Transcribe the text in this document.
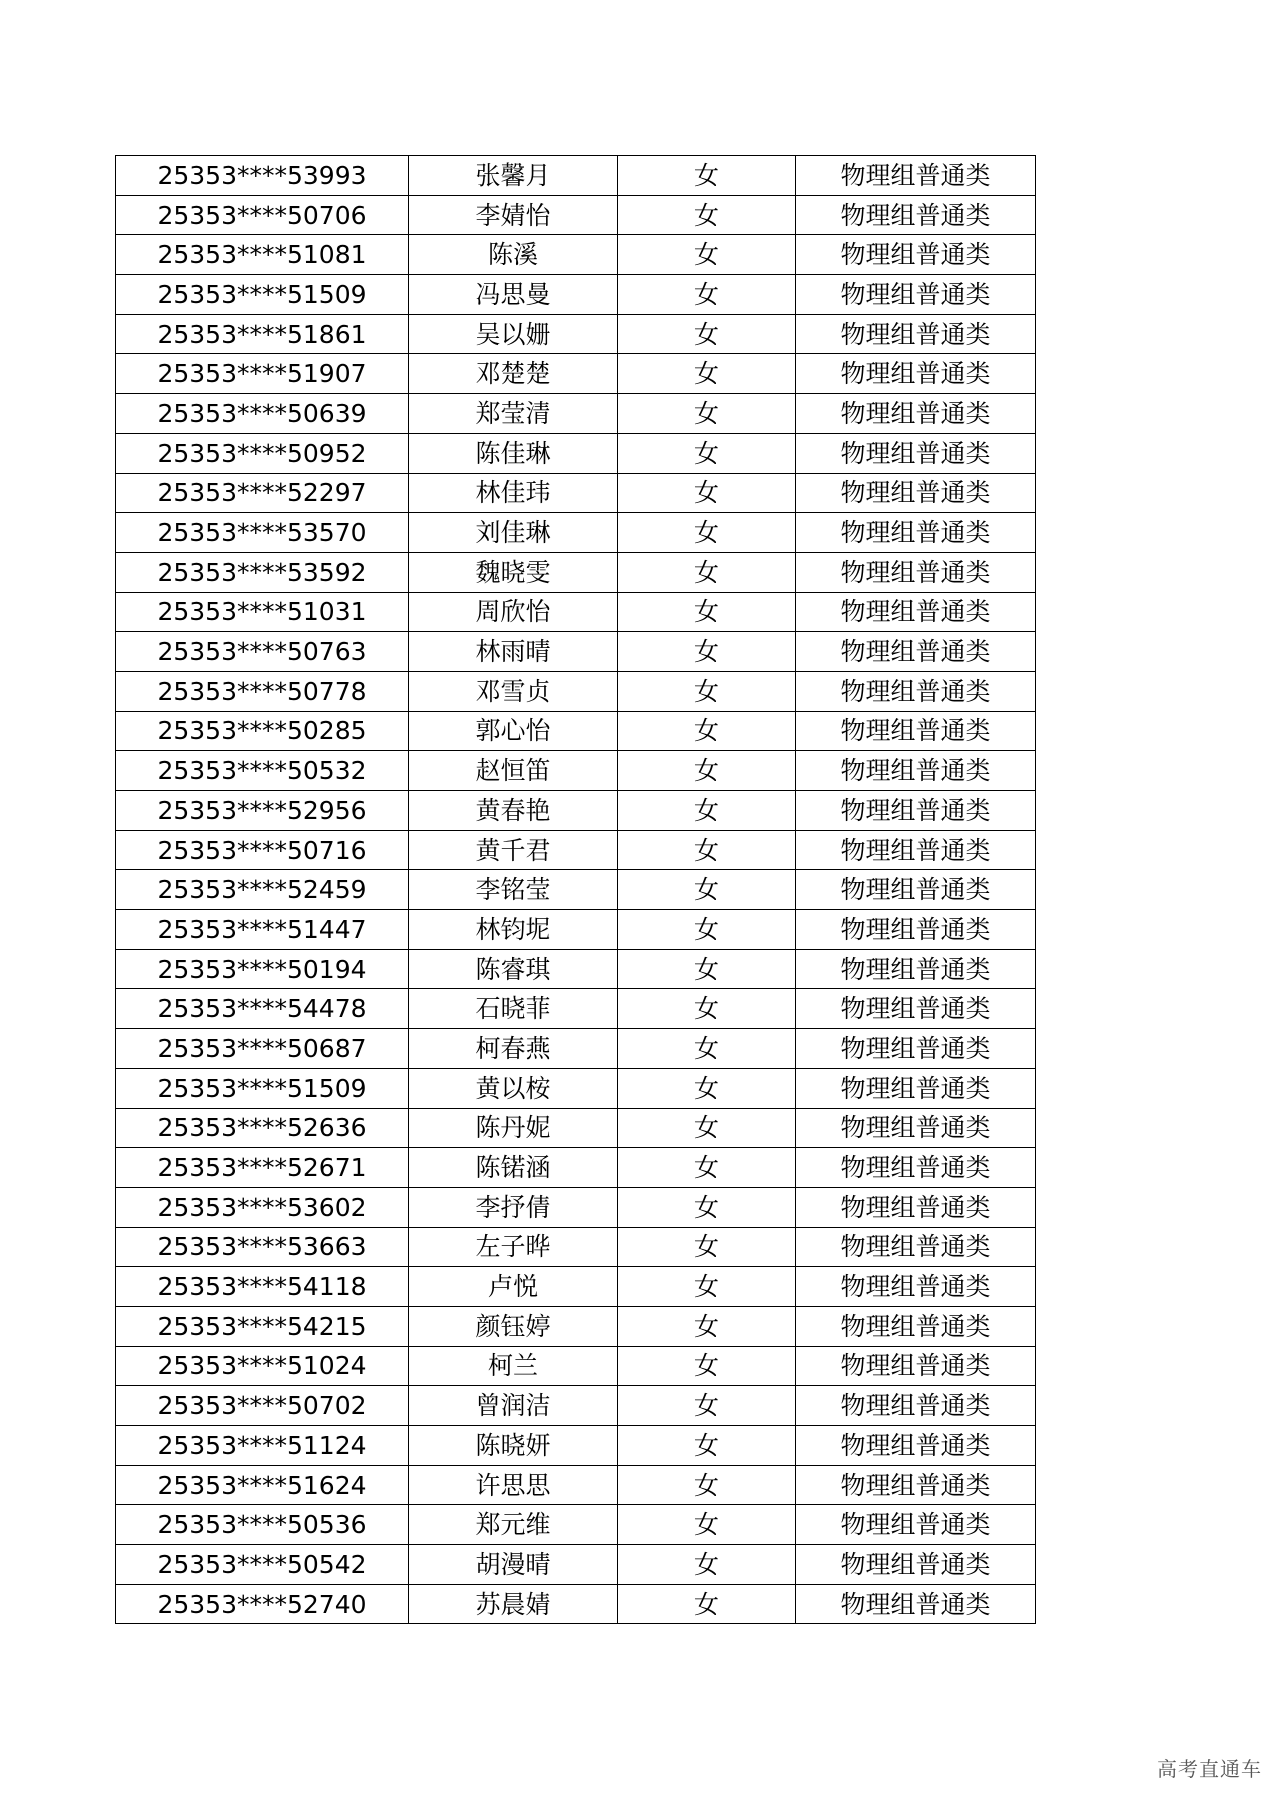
25353****53993	张馨月	女	物理组普通类
25353****50706	李婧怡	女	物理组普通类
25353****51081	陈溪	女	物理组普通类
25353****51509	冯思曼	女	物理组普通类
25353****51861	吴以姗	女	物理组普通类
25353****51907	邓楚楚	女	物理组普通类
25353****50639	郑莹清	女	物理组普通类
25353****50952	陈佳琳	女	物理组普通类
25353****52297	林佳玮	女	物理组普通类
25353****53570	刘佳琳	女	物理组普通类
25353****53592	魏晓雯	女	物理组普通类
25353****51031	周欣怡	女	物理组普通类
25353****50763	林雨晴	女	物理组普通类
25353****50778	邓雪贞	女	物理组普通类
25353****50285	郭心怡	女	物理组普通类
25353****50532	赵恒笛	女	物理组普通类
25353****52956	黄春艳	女	物理组普通类
25353****50716	黄千君	女	物理组普通类
25353****52459	李铭莹	女	物理组普通类
25353****51447	林钧坭	女	物理组普通类
25353****50194	陈睿琪	女	物理组普通类
25353****54478	石晓菲	女	物理组普通类
25353****50687	柯春燕	女	物理组普通类
25353****51509	黄以桉	女	物理组普通类
25353****52636	陈丹妮	女	物理组普通类
25353****52671	陈锘涵	女	物理组普通类
25353****53602	李抒倩	女	物理组普通类
25353****53663	左子晔	女	物理组普通类
25353****54118	卢悦	女	物理组普通类
25353****54215	颜钰婷	女	物理组普通类
25353****51024	柯兰	女	物理组普通类
25353****50702	曾润洁	女	物理组普通类
25353****51124	陈晓妍	女	物理组普通类
25353****51624	许思思	女	物理组普通类
25353****50536	郑元维	女	物理组普通类
25353****50542	胡漫晴	女	物理组普通类
25353****52740	苏晨婧	女	物理组普通类
高考直通车
